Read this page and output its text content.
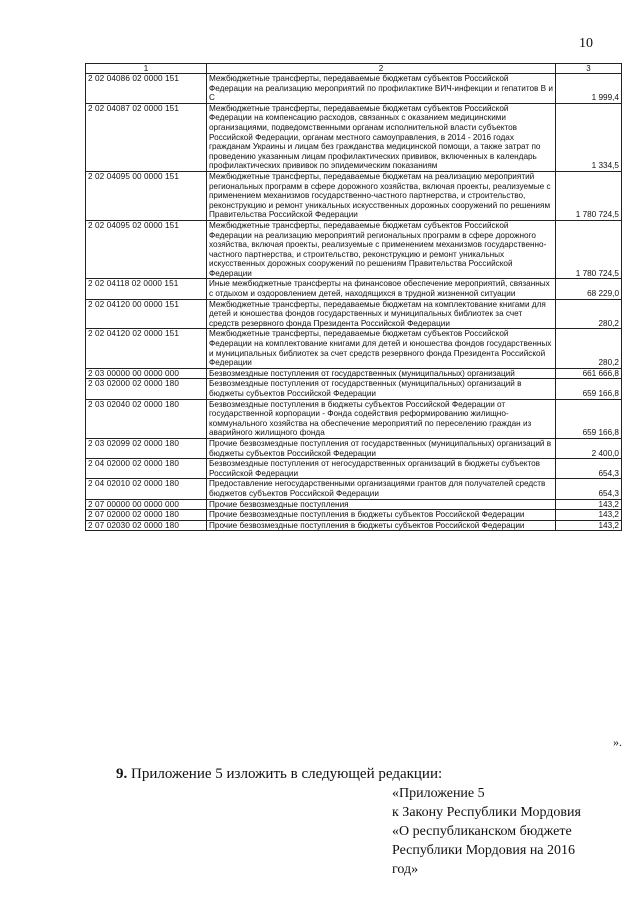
10
1	2	3
2 02 04086 02 0000 151	Межбюджетные трансферты, передаваемые бюджетам субъектов Российской Федерации на реализацию мероприятий по профилактике ВИЧ-инфекции и гепатитов В и С	1 999,4
2 02 04087 02 0000 151	Межбюджетные трансферты, передаваемые бюджетам субъектов Российской Федерации на компенсацию расходов, связанных с оказанием медицинскими организациями, подведомственными органам исполнительной власти субъектов Российской Федерации, органам местного самоуправления, в 2014 - 2016 годах гражданам Украины и лицам без гражданства медицинской помощи, а также затрат по проведению указанным лицам профилактических прививок, включенных в календарь профилактических прививок по эпидемическим показаниям	1 334,5
2 02 04095 00 0000 151	Межбюджетные трансферты, передаваемые бюджетам на реализацию мероприятий региональных программ в сфере дорожного хозяйства, включая проекты, реализуемые с применением механизмов государственно-частного партнерства, и строительство, реконструкцию и ремонт уникальных искусственных дорожных сооружений по решениям Правительства Российской Федерации	1 780 724,5
2 02 04095 02 0000 151	Межбюджетные трансферты, передаваемые бюджетам субъектов Российской Федерации на реализацию мероприятий региональных программ в сфере дорожного хозяйства, включая проекты, реализуемые с применением механизмов государственно-частного партнерства, и строительство, реконструкцию и ремонт уникальных искусственных дорожных сооружений по решениям Правительства Российской Федерации	1 780 724,5
2 02 04118 02 0000 151	Иные межбюджетные трансферты на финансовое обеспечение мероприятий, связанных с отдыхом и оздоровлением детей, находящихся в трудной жизненной ситуации	68 229,0
2 02 04120 00 0000 151	Межбюджетные трансферты, передаваемые бюджетам на комплектование книгами для детей и юношества фондов государственных и муниципальных библиотек за счет средств резервного фонда Президента Российской Федерации	280,2
2 02 04120 02 0000 151	Межбюджетные трансферты, передаваемые бюджетам субъектов Российской Федерации на комплектование книгами для детей и юношества фондов государственных и муниципальных библиотек за счет средств резервного фонда Президента Российской Федерации	280,2
2 03 00000 00 0000 000	Безвозмездные поступления от государственных (муниципальных) организаций	661 666,8
2 03 02000 02 0000 180	Безвозмездные поступления от государственных (муниципальных) организаций в бюджеты субъектов Российской Федерации	659 166,8
2 03 02040 02 0000 180	Безвозмездные поступления в бюджеты субъектов Российской Федерации от государственной корпорации - Фонда содействия реформированию жилищно-коммунального хозяйства на обеспечение мероприятий по переселению граждан из аварийного жилищного фонда	659 166,8
2 03 02099 02 0000 180	Прочие безвозмездные поступления от государственных (муниципальных) организаций в бюджеты субъектов Российской Федерации	2 400,0
2 04 02000 02 0000 180	Безвозмездные поступления от негосударственных организаций в бюджеты субъектов Российской Федерации	654,3
2 04 02010 02 0000 180	Предоставление негосударственными организациями грантов для получателей средств бюджетов субъектов Российской Федерации	654,3
2 07 00000 00 0000 000	Прочие безвозмездные поступления	143,2
2 07 02000 02 0000 180	Прочие безвозмездные поступления в бюджеты субъектов Российской Федерации	143,2
2 07 02030 02 0000 180	Прочие безвозмездные поступления в бюджеты субъектов Российской Федерации	143,2
».
9. Приложение 5 изложить в следующей редакции:
«Приложение 5
к Закону Республики Мордовия
«О республиканском бюджете
Республики Мордовия на 2016
год»
